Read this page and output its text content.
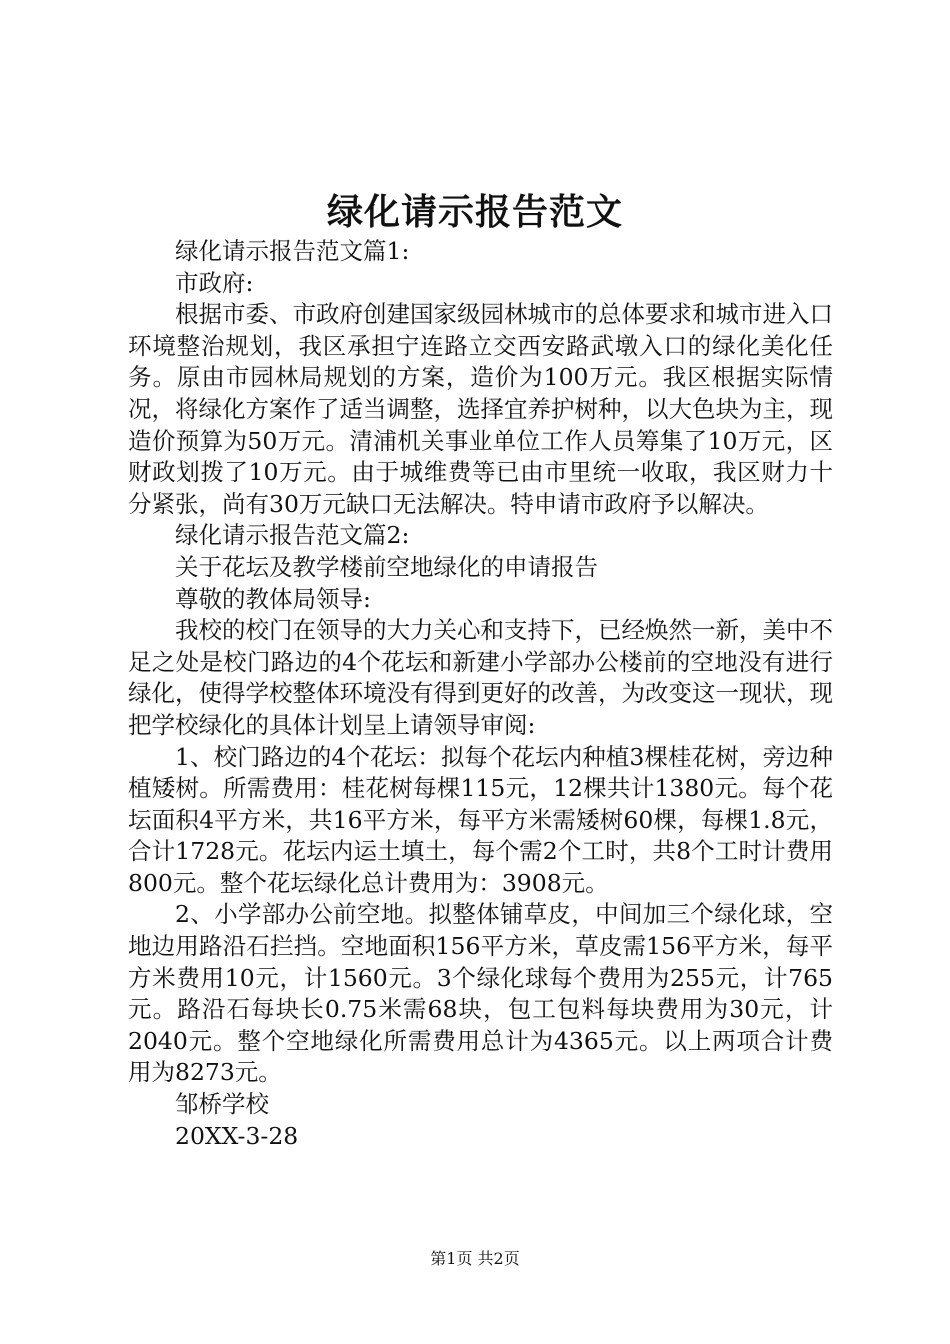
绿化请示报告范文

绿化请示报告范文篇1:

市政府:

根据市委、市政府创建国家级园林城市的总体要求和城市进入口环境整治规划，我区承担宁连路立交西安路武墩入口的绿化美化任务。原由市园林局规划的方案，造价为100万元。我区根据实际情况，将绿化方案作了适当调整，选择宜养护树种，以大色块为主，现造价预算为50万元。清浦机关事业单位工作人员筹集了10万元，区财政划拨了10万元。由于城维费等已由市里统一收取，我区财力十分紧张，尚有30万元缺口无法解决。特申请市政府予以解决。

绿化请示报告范文篇2:

关于花坛及教学楼前空地绿化的申请报告

尊敬的教体局领导:

我校的校门在领导的大力关心和支持下，已经焕然一新，美中不足之处是校门路边的4个花坛和新建小学部办公楼前的空地没有进行绿化，使得学校整体环境没有得到更好的改善，为改变这一现状，现把学校绿化的具体计划呈上请领导审阅:

1、校门路边的4个花坛：拟每个花坛内种植3棵桂花树，旁边种植矮树。所需费用：桂花树每棵115元，12棵共计1380元。每个花坛面积4平方米，共16平方米，每平方米需矮树60棵，每棵1.8元，合计1728元。花坛内运土填土，每个需2个工时，共8个工时计费用800元。整个花坛绿化总计费用为：3908元。

2、小学部办公前空地。拟整体铺草皮，中间加三个绿化球，空地边用路沿石拦挡。空地面积156平方米，草皮需156平方米，每平方米费用10元，计1560元。3个绿化球每个费用为255元，计765元。路沿石每块长0.75米需68块，包工包料每块费用为30元，计2040元。整个空地绿化所需费用总计为4365元。以上两项合计费用为8273元。

邹桥学校

20XX-3-28

第1页 共2页
